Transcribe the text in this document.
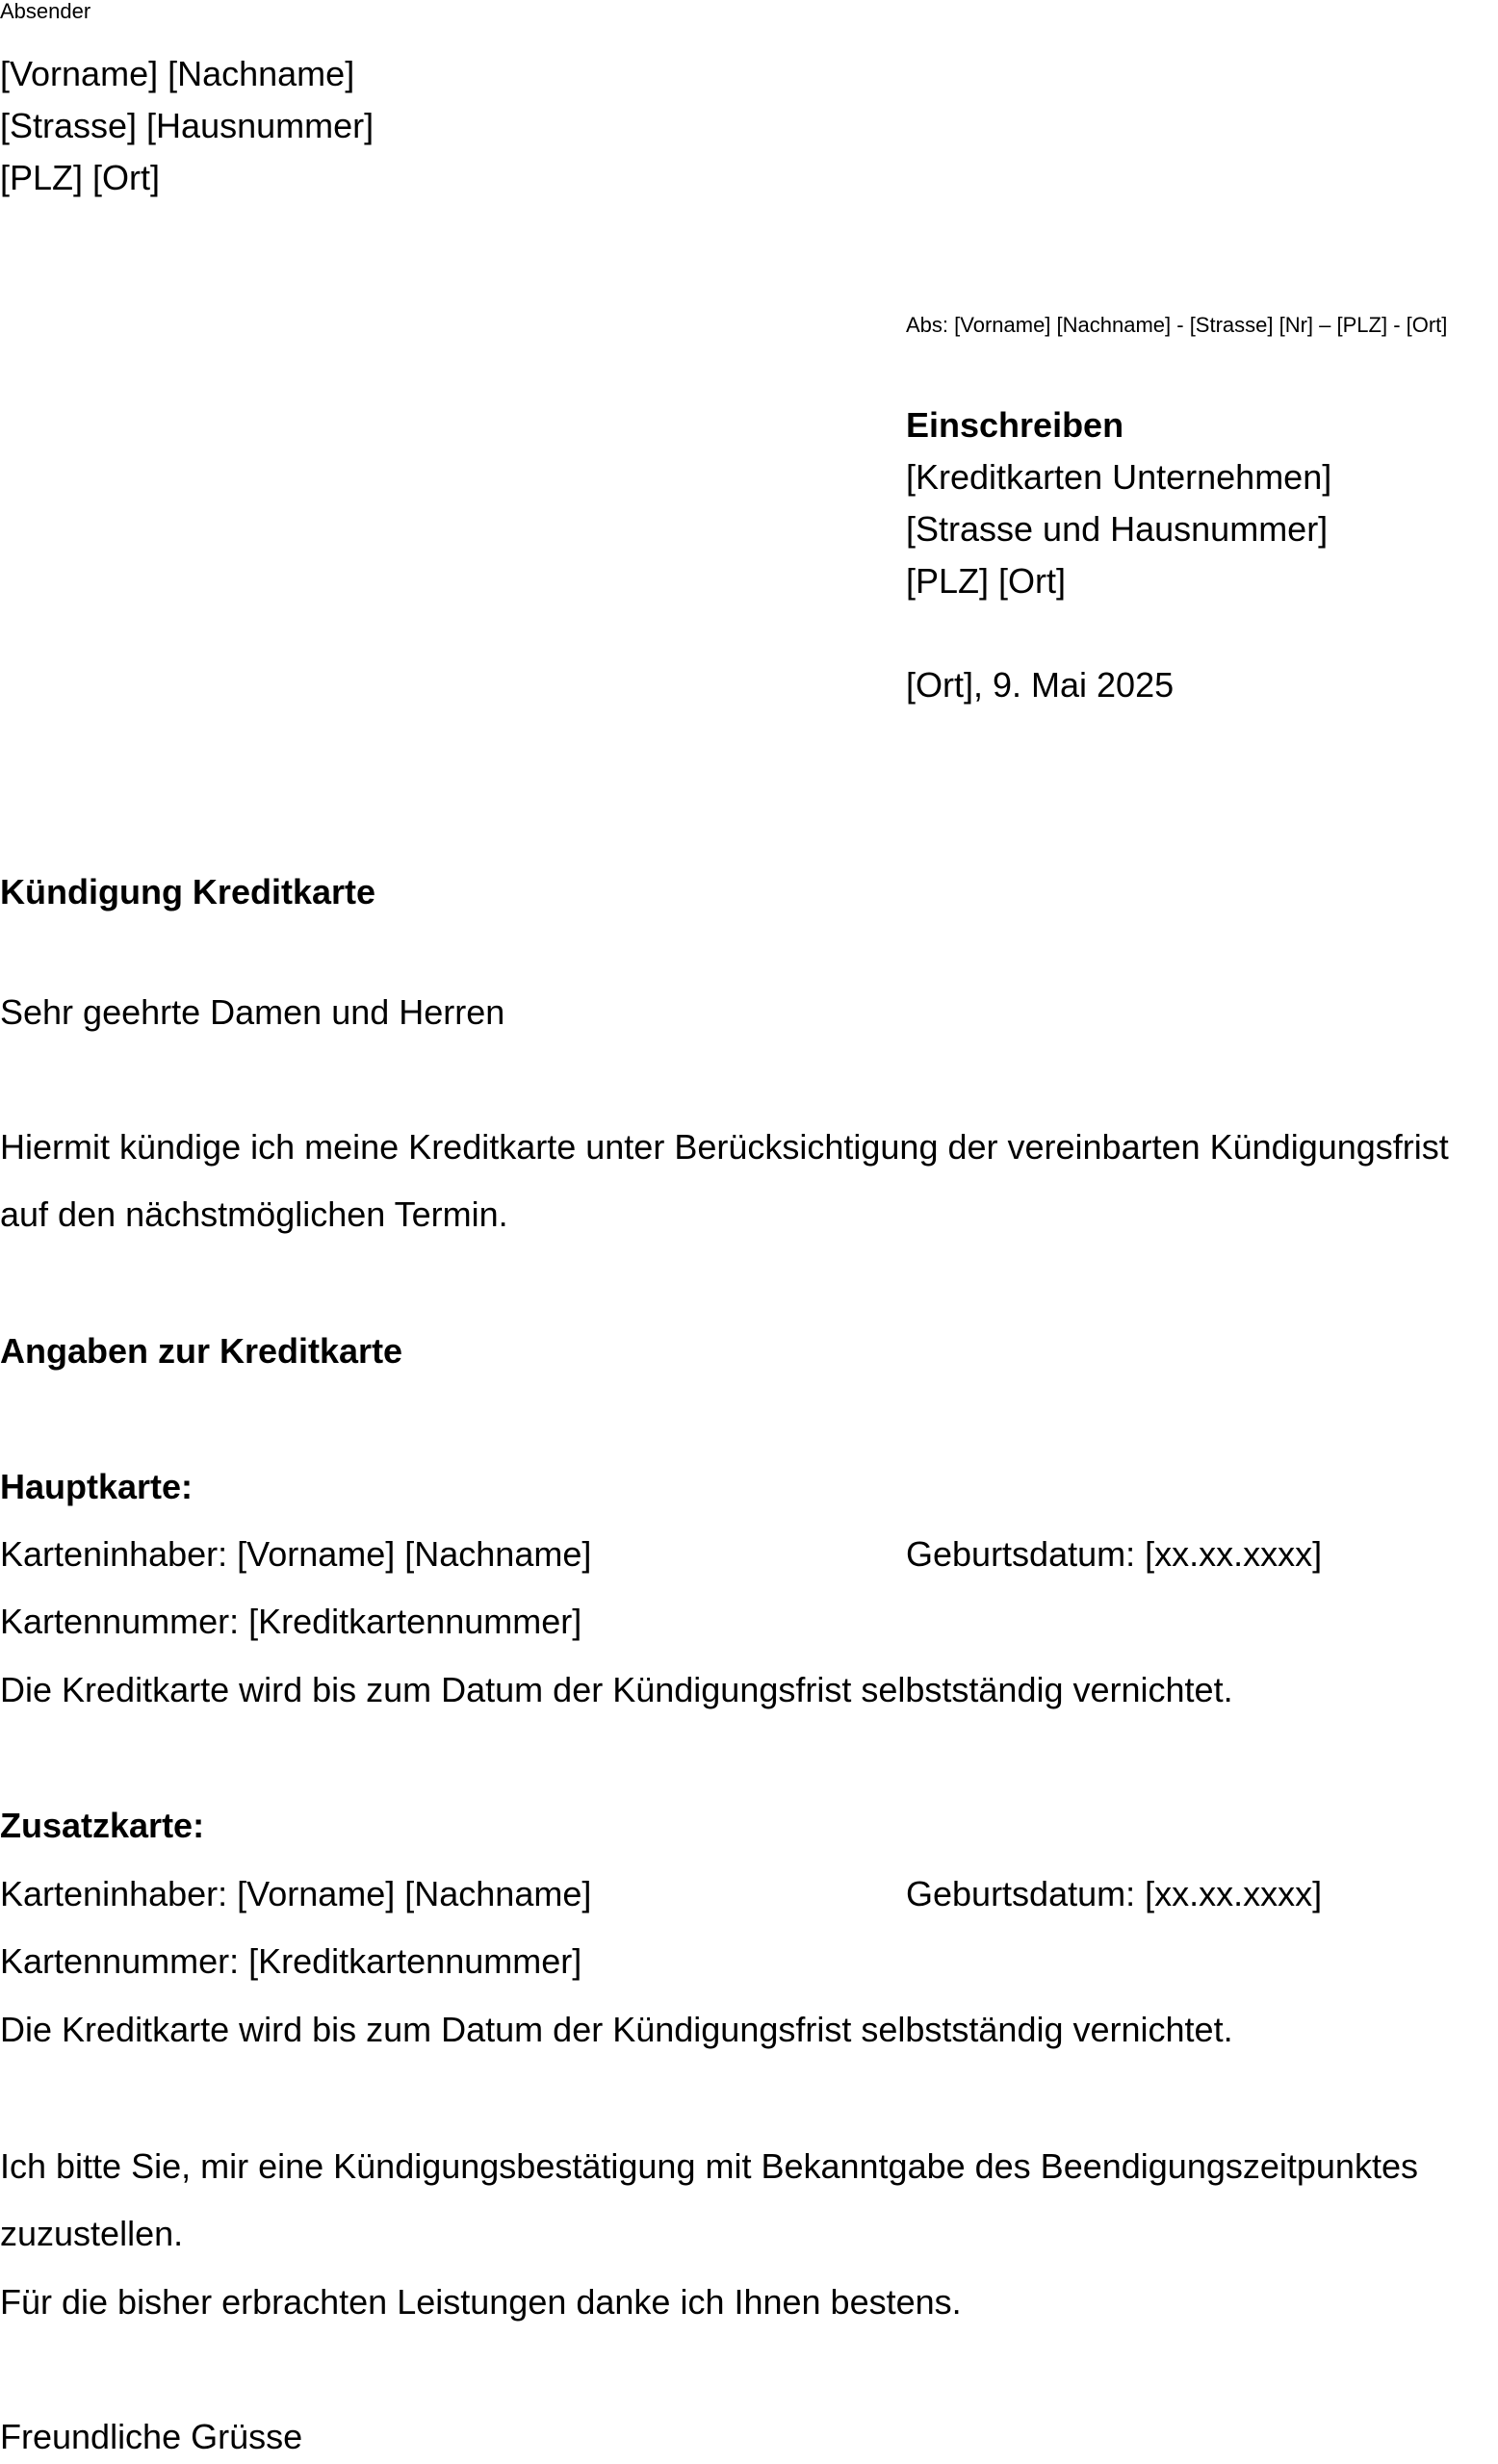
Absender
[Vorname] [Nachname]
[Strasse] [Hausnummer]
[PLZ] [Ort]
Abs: [Vorname] [Nachname] - [Strasse] [Nr] – [PLZ] - [Ort]
Einschreiben
[Kreditkarten Unternehmen]
[Strasse und Hausnummer]
[PLZ] [Ort]
[Ort], 9. Mai 2025
Kündigung Kreditkarte
Sehr geehrte Damen und Herren
Hiermit kündige ich meine Kreditkarte unter Berücksichtigung der vereinbarten Kündigungsfrist auf den nächstmöglichen Termin.
Angaben zur Kreditkarte
Hauptkarte:
Karteninhaber: [Vorname] [Nachname]	Geburtsdatum: [xx.xx.xxxx]
Kartennummer: [Kreditkartennummer]
Die Kreditkarte wird bis zum Datum der Kündigungsfrist selbstständig vernichtet.
Zusatzkarte:
Karteninhaber: [Vorname] [Nachname]	Geburtsdatum: [xx.xx.xxxx]
Kartennummer: [Kreditkartennummer]
Die Kreditkarte wird bis zum Datum der Kündigungsfrist selbstständig vernichtet.
Ich bitte Sie, mir eine Kündigungsbestätigung mit Bekanntgabe des Beendigungszeitpunktes zuzustellen.
Für die bisher erbrachten Leistungen danke ich Ihnen bestens.
Freundliche Grüsse
